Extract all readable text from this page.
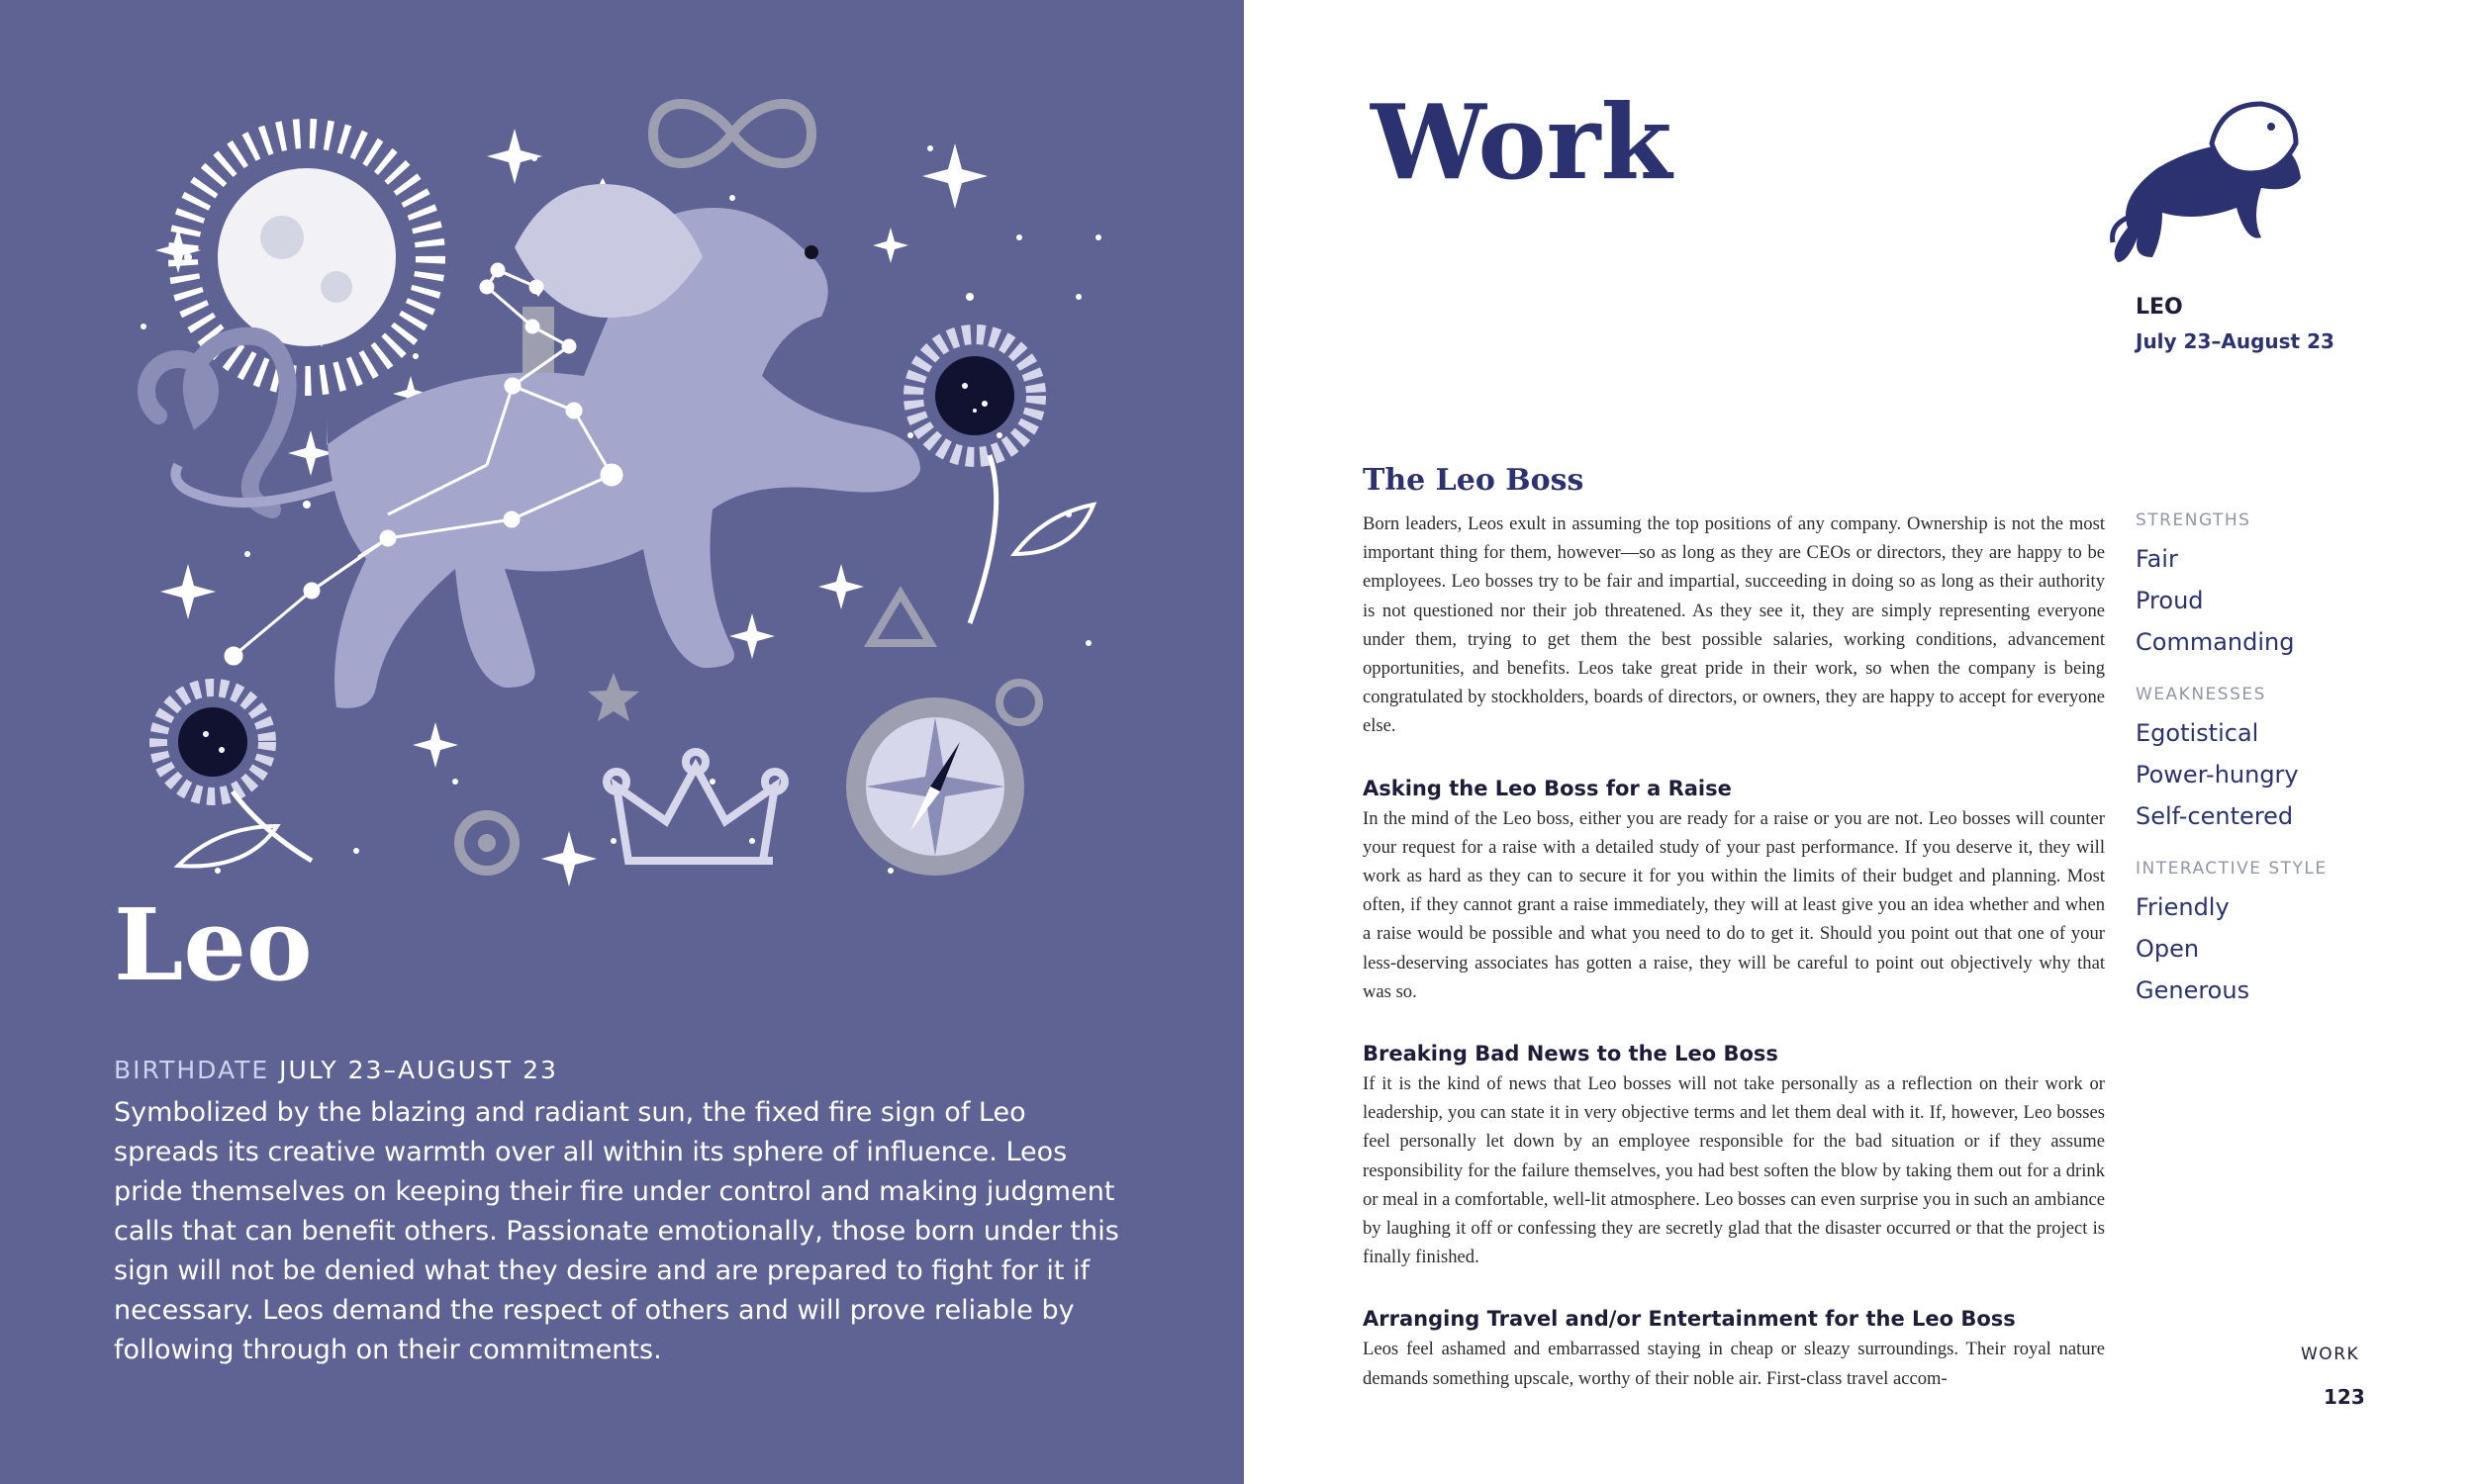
Leo
BIRTHDATE JULY 23–AUGUST 23

Symbolized by the blazing and radiant sun, the fixed fire sign of Leo spreads its creative warmth over all within its sphere of influence. Leos pride themselves on keeping their fire under control and making judgment calls that can benefit others. Passionate emotionally, those born under this sign will not be denied what they desire and are prepared to fight for it if necessary. Leos demand the respect of others and will prove reliable by following through on their commitments.

Work
LEO
July 23–August 23
The Leo Boss

Born leaders, Leos exult in assuming the top positions of any company. Ownership is not the most important thing for them, however—so as long as they are CEOs or directors, they are happy to be employees. Leo bosses try to be fair and impartial, succeeding in doing so as long as their authority is not questioned nor their job threatened. As they see it, they are simply representing everyone under them, trying to get them the best possible salaries, working conditions, advancement opportunities, and benefits. Leos take great pride in their work, so when the company is being congratulated by stockholders, boards of directors, or owners, they are happy to accept for everyone else.

Asking the Leo Boss for a Raise

In the mind of the Leo boss, either you are ready for a raise or you are not. Leo bosses will counter your request for a raise with a detailed study of your past performance. If you deserve it, they will work as hard as they can to secure it for you within the limits of their budget and planning. Most often, if they cannot grant a raise immediately, they will at least give you an idea whether and when a raise would be possible and what you need to do to get it. Should you point out that one of your less-deserving associates has gotten a raise, they will be careful to point out objectively why that was so.

Breaking Bad News to the Leo Boss

If it is the kind of news that Leo bosses will not take personally as a reflection on their work or leadership, you can state it in very objective terms and let them deal with it. If, however, Leo bosses feel personally let down by an employee responsible for the bad situation or if they assume responsibility for the failure themselves, you had best soften the blow by taking them out for a drink or meal in a comfortable, well-lit atmosphere. Leo bosses can even surprise you in such an ambiance by laughing it off or confessing they are secretly glad that the disaster occurred or that the project is finally finished.

Arranging Travel and/or Entertainment for the Leo Boss

Leos feel ashamed and embarrassed staying in cheap or sleazy surroundings. Their royal nature demands something upscale, worthy of their noble air. First-class travel accom-

STRENGTHS
Fair
Proud
Commanding
WEAKNESSES
Egotistical
Power-hungry
Self-centered
INTERACTIVE STYLE
Friendly
Open
Generous
WORK
123
